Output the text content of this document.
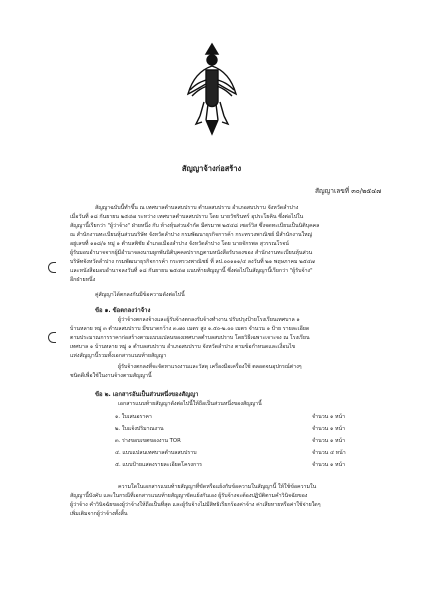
สัญญาจ้างก่อสร้าง
สัญญาเลขที่ ๓๐/๒๕๔๗

สัญญาฉบับนี้ทำขึ้น ณ เทศบาลตำบลสบปราบ ตำบลสบปราบ อำเภอสบปราบ จังหวัดลำปาง

เมื่อวันที่ ๑๘ กันยายน ๒๕๔๗ ระหว่าง เทศบาลตำบลสบปราบ โดย นายวัชรินทร์ อุประโยคิน ซึ่งต่อไปใน

สัญญานี้เรียกว่า "ผู้ว่าจ้าง" ฝ่ายหนึ่ง กับ ห้างหุ้นส่วนจำกัด มีศรมาพ ๒๕๔๘ เซอร์วิส ซึ่งจดทะเบียนเป็นนิติบุคคล

ณ สำนักงานทะเบียนหุ้นส่วนบริษัท จังหวัดลำปาง กรมพัฒนาธุรกิจการค้า กระทรวงพาณิชย์ มีสำนักงานใหญ่

อยู่เลขที่ ๑๑๘/๑ หมู่ ๑ ตำบลพิชัย อำเภอเมืองลำปาง จังหวัดลำปาง โดย นายจักรพล สุวรรณโรจน์

ผู้รับมอบอำนาจจากผู้มีอำนาจลงนามผูกพันนิติบุคคลปรากฏตามหนังสือรับรองของ สำนักงานทะเบียนหุ้นส่วน

บริษัทจังหวัดลำปาง กรมพัฒนาธุรกิจการค้า กระทรวงพาณิชย์ ที่ ลป.๐๐๑๑๑/๔ ลงวันที่ ๒๑ พฤษภาคม ๒๕๔๗

และหนังสือมอบอำนาจลงวันที่ ๑๘ กันยายน ๒๕๔๗ แนบท้ายสัญญานี้ ซึ่งต่อไปในสัญญานี้เรียกว่า "ผู้รับจ้าง"

อีกฝ่ายหนึ่ง

คู่สัญญาได้ตกลงกันมีข้อความดังต่อไปนี้

ข้อ ๑. ข้อตกลงว่าจ้าง

ผู้ว่าจ้างตกลงจ้างและผู้รับจ้างตกลงรับจ้างทำงาน ปรับปรุงป้ายโรงเรียนเทศบาล ๑

บ้านหลาย หมู่ ๓ ตำบลสบปราบ มีขนาดกว้าง ๓.๗๐ เมตร สูง ๑.๕๐-๒.๐๐ เมตร จำนวน ๑ ป้าย รายละเอียด

ตามประมาณการราคาก่อสร้างตามแบบแปลนของเทศบาลตำบลสบปราบ โดยวิธีเฉพาะเจาะจง ณ โรงเรียน

เทศบาล ๑ บ้านหลาย หมู่ ๑ ตำบลสบปราบ อำเภอสบปราบ จังหวัดลำปาง ตามข้อกำหนดและเงื่อนไข

แห่งสัญญานี้รวมทั้งเอกสารแนบท้ายสัญญา

ผู้รับจ้างตกลงที่จะจัดหาแรงงานและวัสดุ เครื่องมือเครื่องใช้ ตลอดจนอุปกรณ์ต่างๆ

ชนิดดีเพื่อใช้ในงานจ้างตามสัญญานี้

ข้อ ๒. เอกสารอันเป็นส่วนหนึ่งของสัญญา

เอกสารแนบท้ายสัญญาดังต่อไปนี้ให้ถือเป็นส่วนหนึ่งของสัญญานี้

๑. ใบเสนอราคา	จำนวน ๑ หน้า
๒. ใบแจ้งปริมาณงาน	จำนวน ๑ หน้า
๓. ร่างขอบเขตของงาน TOR	จำนวน ๑ หน้า
๔. แบบแปลนเทศบาลตำบลสบปราบ	จำนวน ๔ หน้า
๕. แบบป้ายแสดงรายละเอียดโครงการ	จำนวน ๑ หน้า

ความใดในเอกสารแนบท้ายสัญญาที่ขัดหรือแย้งกับข้อความในสัญญานี้ ให้ใช้ข้อความใน

สัญญานี้บังคับ และในกรณีที่เอกสารแนบท้ายสัญญาขัดแย้งกันเอง ผู้รับจ้างจะต้องปฏิบัติตามคำวินิจฉัยของ

ผู้ว่าจ้าง คำวินิจฉัยของผู้ว่าจ้างให้ถือเป็นที่สุด และผู้รับจ้างไม่มีสิทธิเรียกร้องค่าจ้าง ค่าเสียหายหรือค่าใช้จ่ายใดๆ

เพิ่มเติมจากผู้ว่าจ้างทั้งสิ้น
